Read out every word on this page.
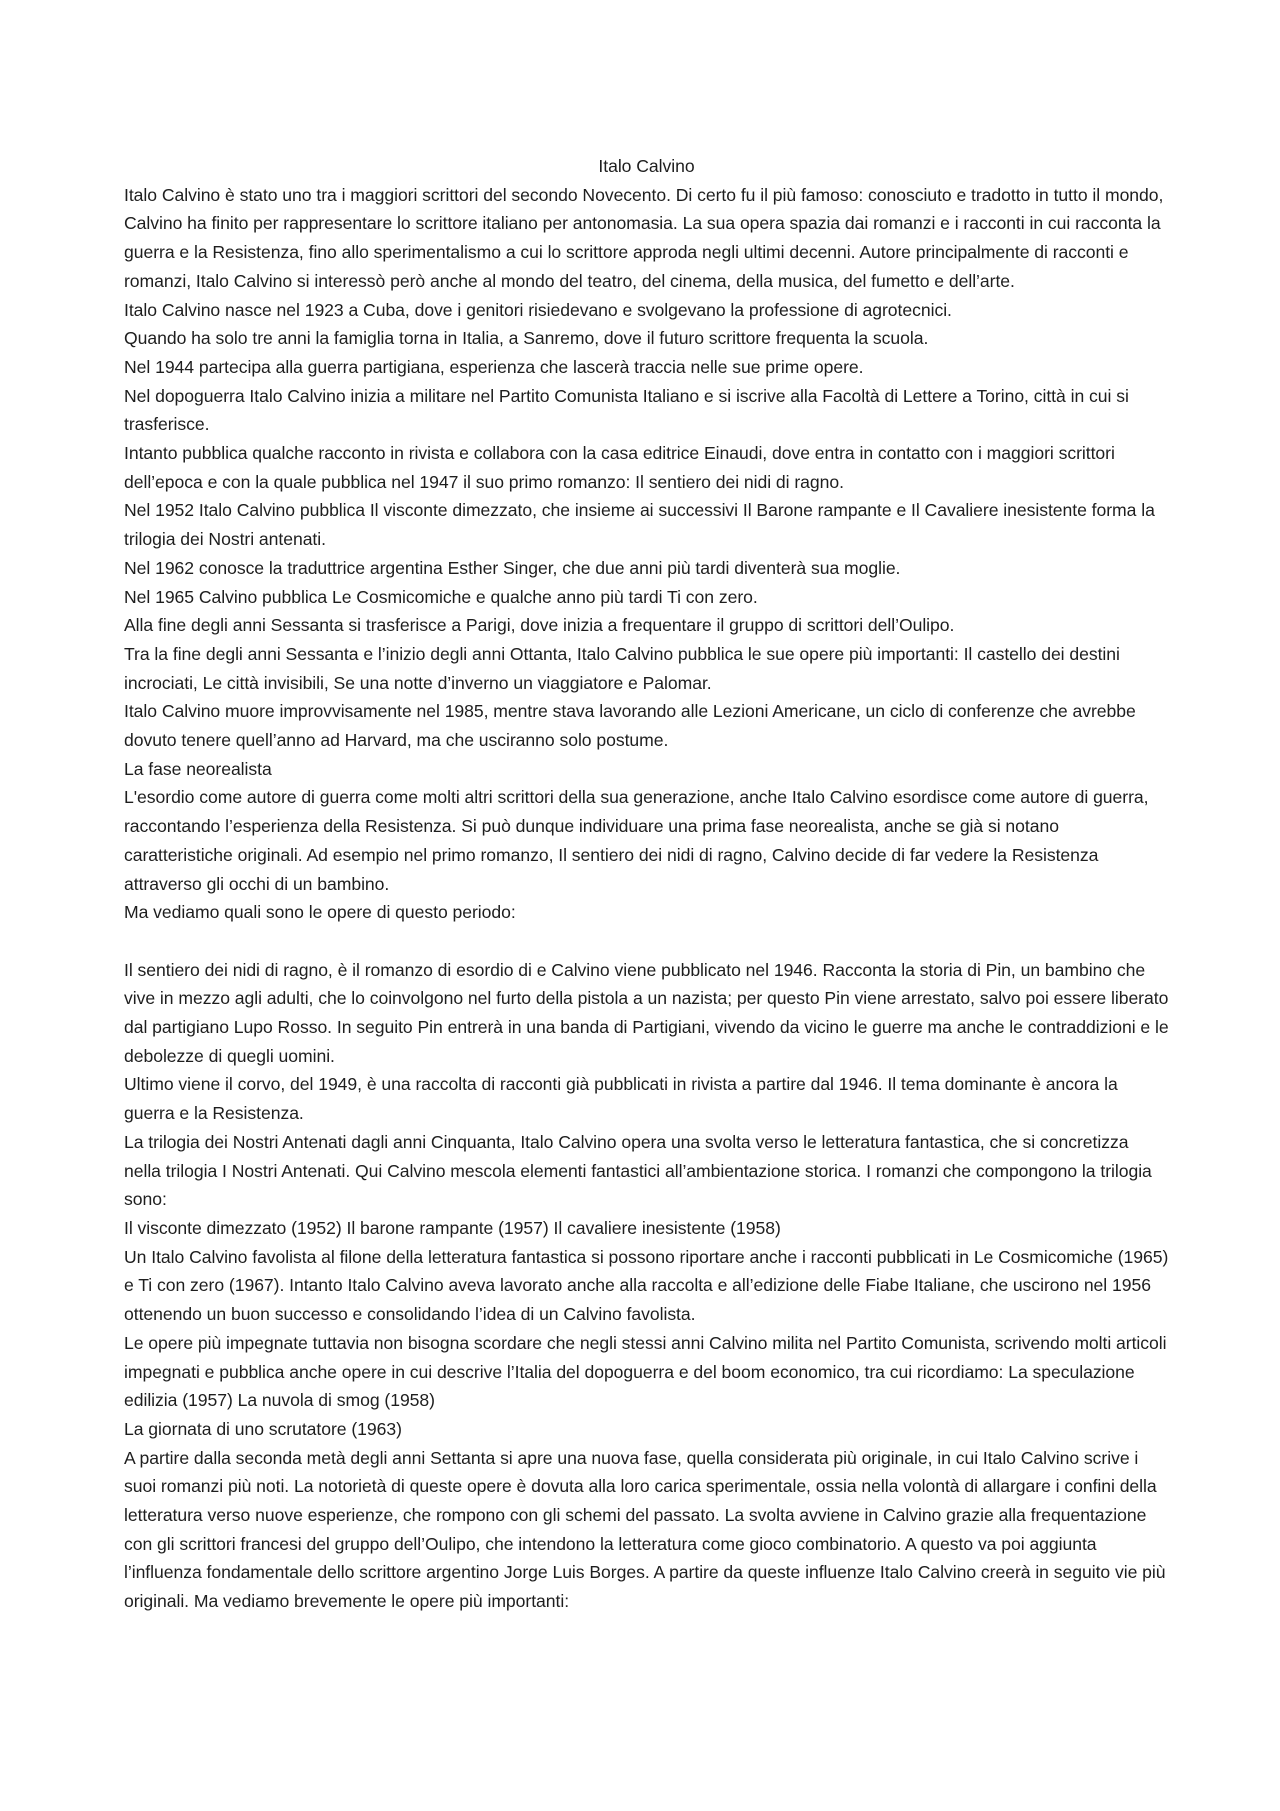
Italo Calvino

Italo Calvino è stato uno tra i maggiori scrittori del secondo Novecento. Di certo fu il più famoso: conosciuto e tradotto in tutto il mondo, Calvino ha finito per rappresentare lo scrittore italiano per antonomasia. La sua opera spazia dai romanzi e i racconti in cui racconta la guerra e la Resistenza, fino allo sperimentalismo a cui lo scrittore approda negli ultimi decenni. Autore principalmente di racconti e romanzi, Italo Calvino si interessò però anche al mondo del teatro, del cinema, della musica, del fumetto e dell’arte.

Italo Calvino nasce nel 1923 a Cuba, dove i genitori risiedevano e svolgevano la professione di agrotecnici.

Quando ha solo tre anni la famiglia torna in Italia, a Sanremo, dove il futuro scrittore frequenta la scuola.

Nel 1944 partecipa alla guerra partigiana, esperienza che lascerà traccia nelle sue prime opere.

Nel dopoguerra Italo Calvino inizia a militare nel Partito Comunista Italiano e si iscrive alla Facoltà di Lettere a Torino, città in cui si trasferisce.

Intanto pubblica qualche racconto in rivista e collabora con la casa editrice Einaudi, dove entra in contatto con i maggiori scrittori dell’epoca e con la quale pubblica nel 1947 il suo primo romanzo: Il sentiero dei nidi di ragno.

Nel 1952 Italo Calvino pubblica Il visconte dimezzato, che insieme ai successivi Il Barone rampante e Il Cavaliere inesistente forma la trilogia dei Nostri antenati.

Nel 1962 conosce la traduttrice argentina Esther Singer, che due anni più tardi diventerà sua moglie.

Nel 1965 Calvino pubblica Le Cosmicomiche e qualche anno più tardi Ti con zero.

Alla fine degli anni Sessanta si trasferisce a Parigi, dove inizia a frequentare il gruppo di scrittori dell’Oulipo.

Tra la fine degli anni Sessanta e l’inizio degli anni Ottanta, Italo Calvino pubblica le sue opere più importanti: Il castello dei destini incrociati, Le città invisibili, Se una notte d’inverno un viaggiatore e Palomar.

Italo Calvino muore improvvisamente nel 1985, mentre stava lavorando alle Lezioni Americane, un ciclo di conferenze che avrebbe dovuto tenere quell’anno ad Harvard, ma che usciranno solo postume.

La fase neorealista

L'esordio come autore di guerra come molti altri scrittori della sua generazione, anche Italo Calvino esordisce come autore di guerra, raccontando l’esperienza della Resistenza. Si può dunque individuare una prima fase neorealista, anche se già si notano caratteristiche originali. Ad esempio nel primo romanzo, Il sentiero dei nidi di ragno, Calvino decide di far vedere la Resistenza attraverso gli occhi di un bambino.

Ma vediamo quali sono le opere di questo periodo:

Il sentiero dei nidi di ragno, è il romanzo di esordio di e Calvino viene pubblicato nel 1946. Racconta la storia di Pin, un bambino che vive in mezzo agli adulti, che lo coinvolgono nel furto della pistola a un nazista; per questo Pin viene arrestato, salvo poi essere liberato dal partigiano Lupo Rosso. In seguito Pin entrerà in una banda di Partigiani, vivendo da vicino le guerre ma anche le contraddizioni e le debolezze di quegli uomini.

Ultimo viene il corvo, del 1949, è una raccolta di racconti già pubblicati in rivista a partire dal 1946. Il tema dominante è ancora la guerra e la Resistenza.

La trilogia dei Nostri Antenati dagli anni Cinquanta, Italo Calvino opera una svolta verso le letteratura fantastica, che si concretizza nella trilogia I Nostri Antenati. Qui Calvino mescola elementi fantastici all’ambientazione storica. I romanzi che compongono la trilogia sono:

Il visconte dimezzato (1952) Il barone rampante (1957) Il cavaliere inesistente (1958)

Un Italo Calvino favolista al filone della letteratura fantastica si possono riportare anche i racconti pubblicati in Le Cosmicomiche (1965) e Ti con zero (1967). Intanto Italo Calvino aveva lavorato anche alla raccolta e all’edizione delle Fiabe Italiane, che uscirono nel 1956 ottenendo un buon successo e consolidando l’idea di un Calvino favolista.

Le opere più impegnate tuttavia non bisogna scordare che negli stessi anni Calvino milita nel Partito Comunista, scrivendo molti articoli impegnati e pubblica anche opere in cui descrive l’Italia del dopoguerra e del boom economico, tra cui ricordiamo: La speculazione edilizia (1957) La nuvola di smog (1958)

La giornata di uno scrutatore (1963)

A partire dalla seconda metà degli anni Settanta si apre una nuova fase, quella considerata più originale, in cui Italo Calvino scrive i suoi romanzi più noti. La notorietà di queste opere è dovuta alla loro carica sperimentale, ossia nella volontà di allargare i confini della letteratura verso nuove esperienze, che rompono con gli schemi del passato. La svolta avviene in Calvino grazie alla frequentazione con gli scrittori francesi del gruppo dell’Oulipo, che intendono la letteratura come gioco combinatorio. A questo va poi aggiunta l’influenza fondamentale dello scrittore argentino Jorge Luis Borges. A partire da queste influenze Italo Calvino creerà in seguito vie più originali. Ma vediamo brevemente le opere più importanti:
